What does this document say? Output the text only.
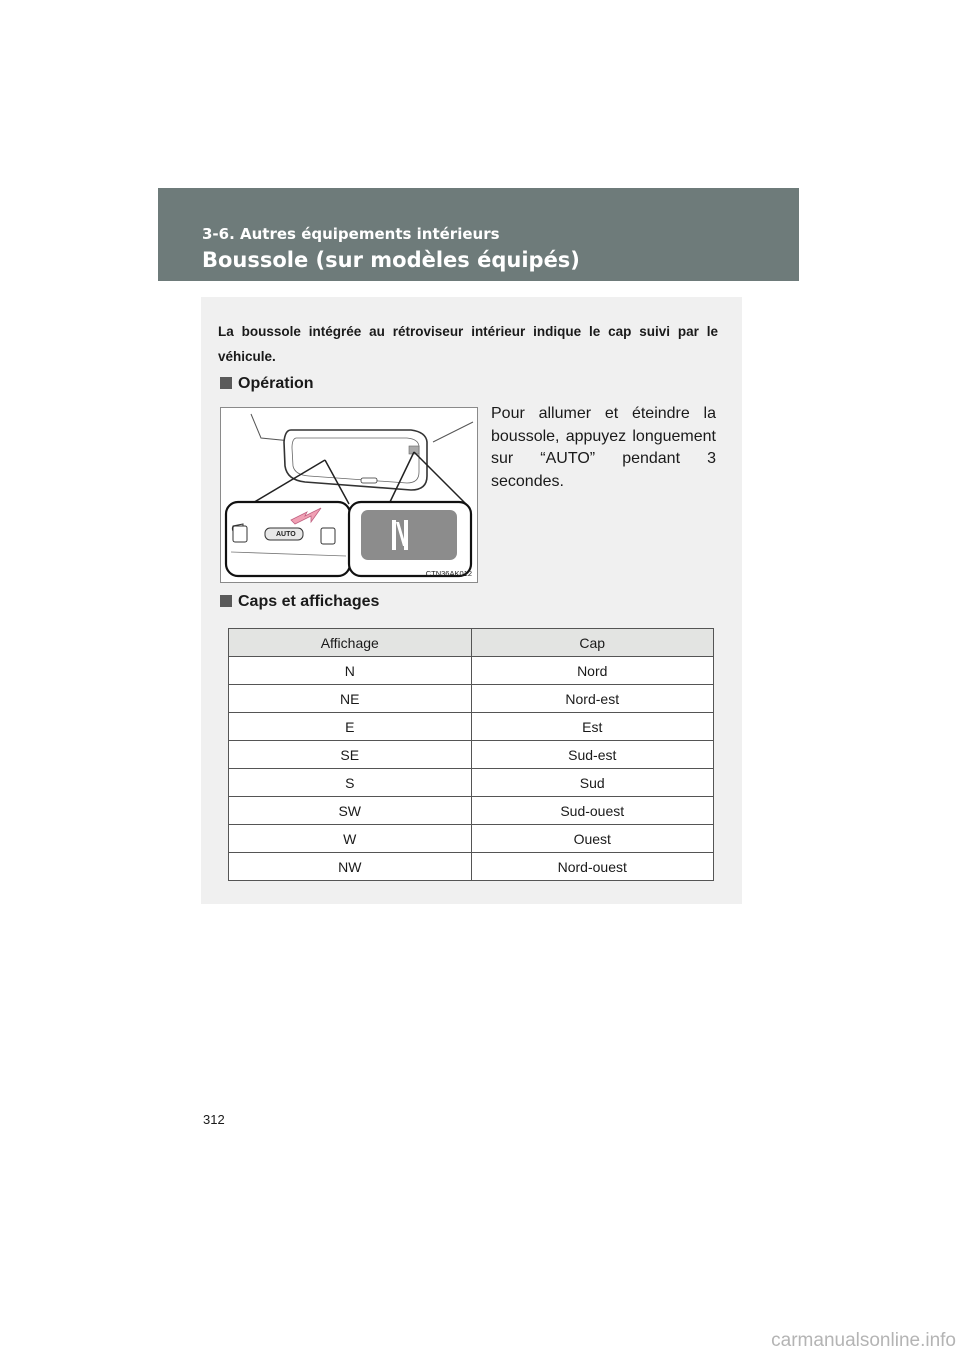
3-6. Autres équipements intérieurs
Boussole (sur modèles équipés)
La boussole intégrée au rétroviseur intérieur indique le cap suivi par le véhicule.
Opération
AUTO
CTN36AK012
Pour allumer et éteindre la boussole, appuyez longuement sur “AUTO” pendant 3 secondes.
Caps et affichages
Affichage	Cap
N	Nord
NE	Nord-est
E	Est
SE	Sud-est
S	Sud
SW	Sud-ouest
W	Ouest
NW	Nord-ouest
312
carmanualsonline.info
